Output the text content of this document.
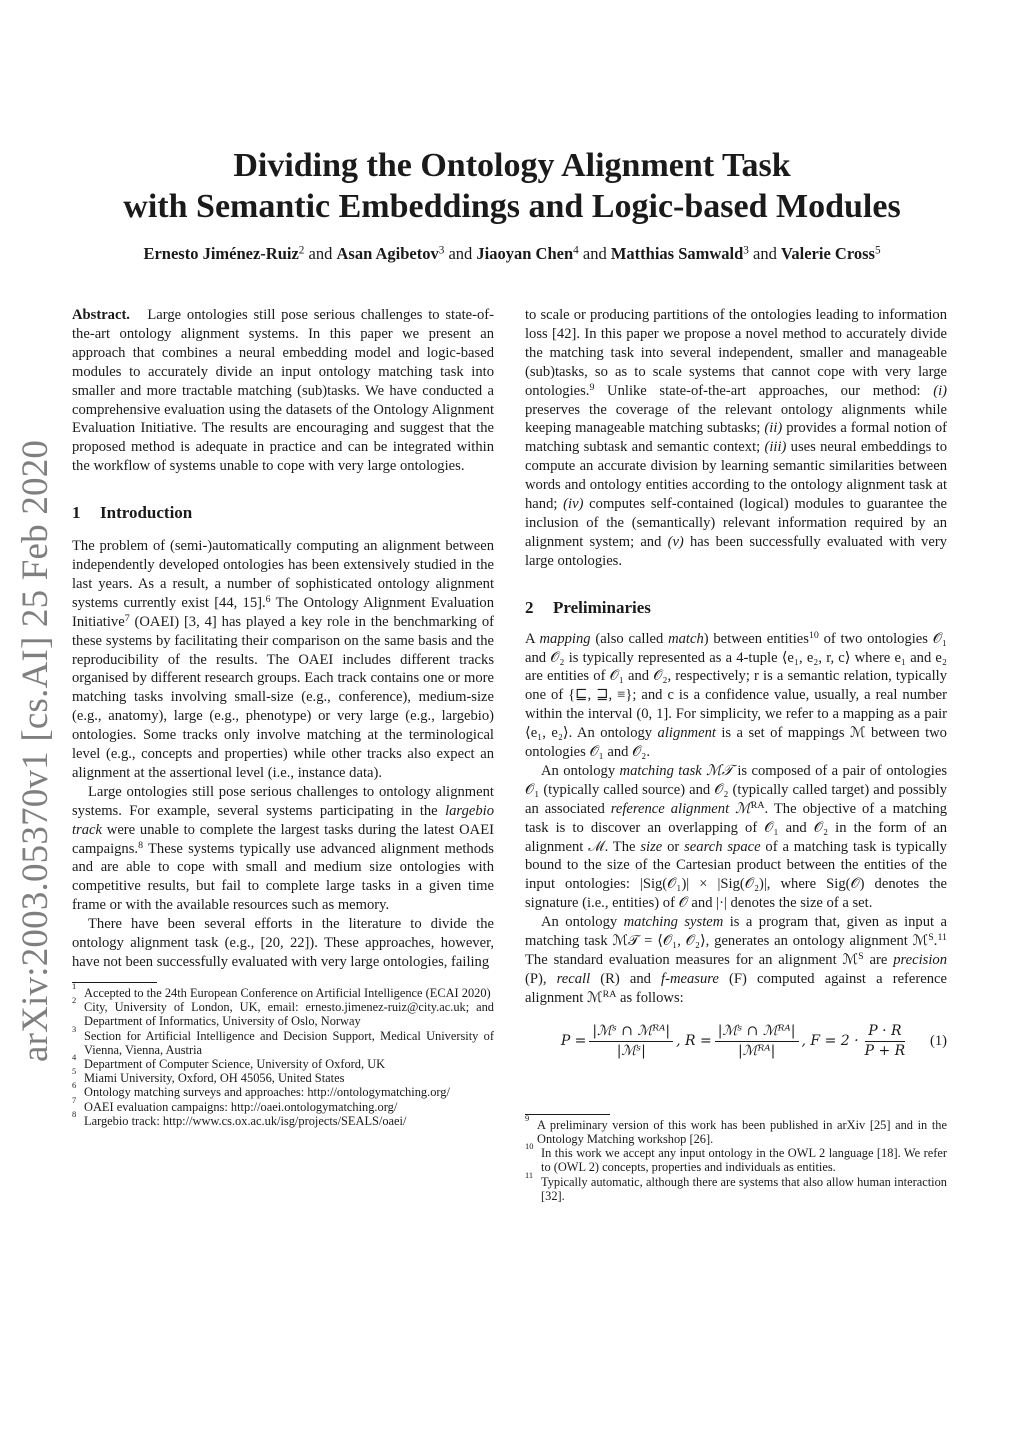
arXiv:2003.05370v1 [cs.AI] 25 Feb 2020
Dividing the Ontology Alignment Task
with Semantic Embeddings and Logic-based Modules
Ernesto Jiménez-Ruiz$^2$ and Asan Agibetov$^3$ and Jiaoyan Chen$^4$ and Matthias Samwald$^3$ and Valerie Cross$^5$

Abstract. Large ontologies still pose serious challenges to state-of-the-art ontology alignment systems. In this paper we present an approach that combines a neural embedding model and logic-based modules to accurately divide an input ontology matching task into smaller and more tractable matching (sub)tasks. We have conducted a comprehensive evaluation using the datasets of the Ontology Alignment Evaluation Initiative. The results are encouraging and suggest that the proposed method is adequate in practice and can be integrated within the workflow of systems unable to cope with very large ontologies.

1 Introduction

The problem of (semi-)automatically computing an alignment between independently developed ontologies has been extensively studied in the last years. As a result, a number of sophisticated ontology alignment systems currently exist [44, 15].$^6$ The Ontology Alignment Evaluation Initiative$^7$ (OAEI) [3, 4] has played a key role in the benchmarking of these systems by facilitating their comparison on the same basis and the reproducibility of the results. The OAEI includes different tracks organised by different research groups. Each track contains one or more matching tasks involving small-size (e.g., conference), medium-size (e.g., anatomy), large (e.g., phenotype) or very large (e.g., largebio) ontologies. Some tracks only involve matching at the terminological level (e.g., concepts and properties) while other tracks also expect an alignment at the assertional level (i.e., instance data).

Large ontologies still pose serious challenges to ontology alignment systems. For example, several systems participating in the largebio track were unable to complete the largest tasks during the latest OAEI campaigns.$^8$ These systems typically use advanced alignment methods and are able to cope with small and medium size ontologies with competitive results, but fail to complete large tasks in a given time frame or with the available resources such as memory.

There have been several efforts in the literature to divide the ontology alignment task (e.g., [20, 22]). These approaches, however, have not been successfully evaluated with very large ontologies, failing

1 Accepted to the 24th European Conference on Artificial Intelligence (ECAI 2020)
2 City, University of London, UK, email: ernesto.jimenez-ruiz@city.ac.uk; and Department of Informatics, University of Oslo, Norway
3 Section for Artificial Intelligence and Decision Support, Medical University of Vienna, Vienna, Austria
4 Department of Computer Science, University of Oxford, UK
5 Miami University, Oxford, OH 45056, United States
6 Ontology matching surveys and approaches: http://ontologymatching.org/
7 OAEI evaluation campaigns: http://oaei.ontologymatching.org/
8 Largebio track: http://www.cs.ox.ac.uk/isg/projects/SEALS/oaei/

to scale or producing partitions of the ontologies leading to information loss [42]. In this paper we propose a novel method to accurately divide the matching task into several independent, smaller and manageable (sub)tasks, so as to scale systems that cannot cope with very large ontologies.$^9$ Unlike state-of-the-art approaches, our method: (i) preserves the coverage of the relevant ontology alignments while keeping manageable matching subtasks; (ii) provides a formal notion of matching subtask and semantic context; (iii) uses neural embeddings to compute an accurate division by learning semantic similarities between words and ontology entities according to the ontology alignment task at hand; (iv) computes self-contained (logical) modules to guarantee the inclusion of the (semantically) relevant information required by an alignment system; and (v) has been successfully evaluated with very large ontologies.

2 Preliminaries

A mapping (also called match) between entities$^{10}$ of two ontologies 𝒪₁ and 𝒪₂ is typically represented as a 4-tuple ⟨e₁, e₂, r, c⟩ where e₁ and e₂ are entities of 𝒪₁ and 𝒪₂, respectively; r is a semantic relation, typically one of {⊑, ⊒, ≡}; and c is a confidence value, usually, a real number within the interval (0, 1]. For simplicity, we refer to a mapping as a pair ⟨e₁, e₂⟩. An ontology alignment is a set of mappings ℳ between two ontologies 𝒪₁ and 𝒪₂.

An ontology matching task ℳ𝒯 is composed of a pair of ontologies 𝒪₁ (typically called source) and 𝒪₂ (typically called target) and possibly an associated reference alignment ℳ$^{RA}$. The objective of a matching task is to discover an overlapping of 𝒪₁ and 𝒪₂ in the form of an alignment ℳ. The size or search space of a matching task is typically bound to the size of the Cartesian product between the entities of the input ontologies: |Sig(𝒪₁)| × |Sig(𝒪₂)|, where Sig(𝒪) denotes the signature (i.e., entities) of 𝒪 and |·| denotes the size of a set.

An ontology matching system is a program that, given as input a matching task ℳ𝒯 = ⟨𝒪₁, 𝒪₂⟩, generates an ontology alignment ℳ$^S$.$^{11}$ The standard evaluation measures for an alignment ℳ$^S$ are precision (P), recall (R) and f-measure (F) computed against a reference alignment ℳ$^{RA}$ as follows:

$P = \frac{\text{|ℳˢ ∩ ℳᴿᴬ|}}{\text{|ℳˢ|}}$ , $R = \frac{\text{|ℳˢ ∩ ℳᴿᴬ|}}{\text{|ℳᴿᴬ|}}$ , $F = 2 \cdot \frac{P \cdot R}{P + R} (1)$
9 A preliminary version of this work has been published in arXiv [25] and in the Ontology Matching workshop [26].
10 In this work we accept any input ontology in the OWL 2 language [18]. We refer to (OWL 2) concepts, properties and individuals as entities.
11 Typically automatic, although there are systems that also allow human interaction [32].
